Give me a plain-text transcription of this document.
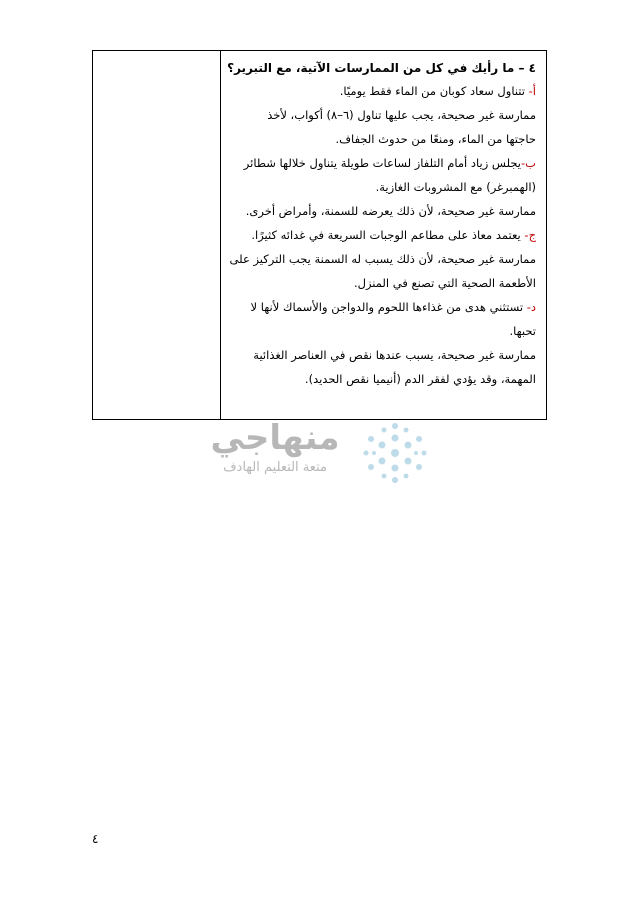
٤ – ما رأيك في كل من الممارسات الآتية، مع التبرير؟

أ- تتناول سعاد كوبان من الماء فقط يوميًا.

ممارسة غير صحيحة، يجب عليها تناول (٦–٨) أكواب، لأخذ

حاجتها من الماء، ومنعًا من حدوث الجفاف.

ب-يجلس زياد أمام التلفاز لساعات طويلة يتناول خلالها شطائر

(الهمبرغر) مع المشروبات الغازية.

ممارسة غير صحيحة، لأن ذلك يعرضه للسمنة، وأمراض أخرى.

ج- يعتمد معاذ على مطاعم الوجبات السريعة في غدائه كثيرًا.

ممارسة غير صحيحة، لأن ذلك يسبب له السمنة يجب التركيز على

الأطعمة الصحية التي تصنع في المنزل.

د- تستثني هدى من غذاءها اللحوم والدواجن والأسماك لأنها لا

تحبها.

ممارسة غير صحيحة، يسبب عندها نقص في العناصر الغذائية

المهمة، وقد يؤدي لفقر الدم (أنيميا نقص الحديد).

منهاجي
متعة التعليم الهادف
٤
